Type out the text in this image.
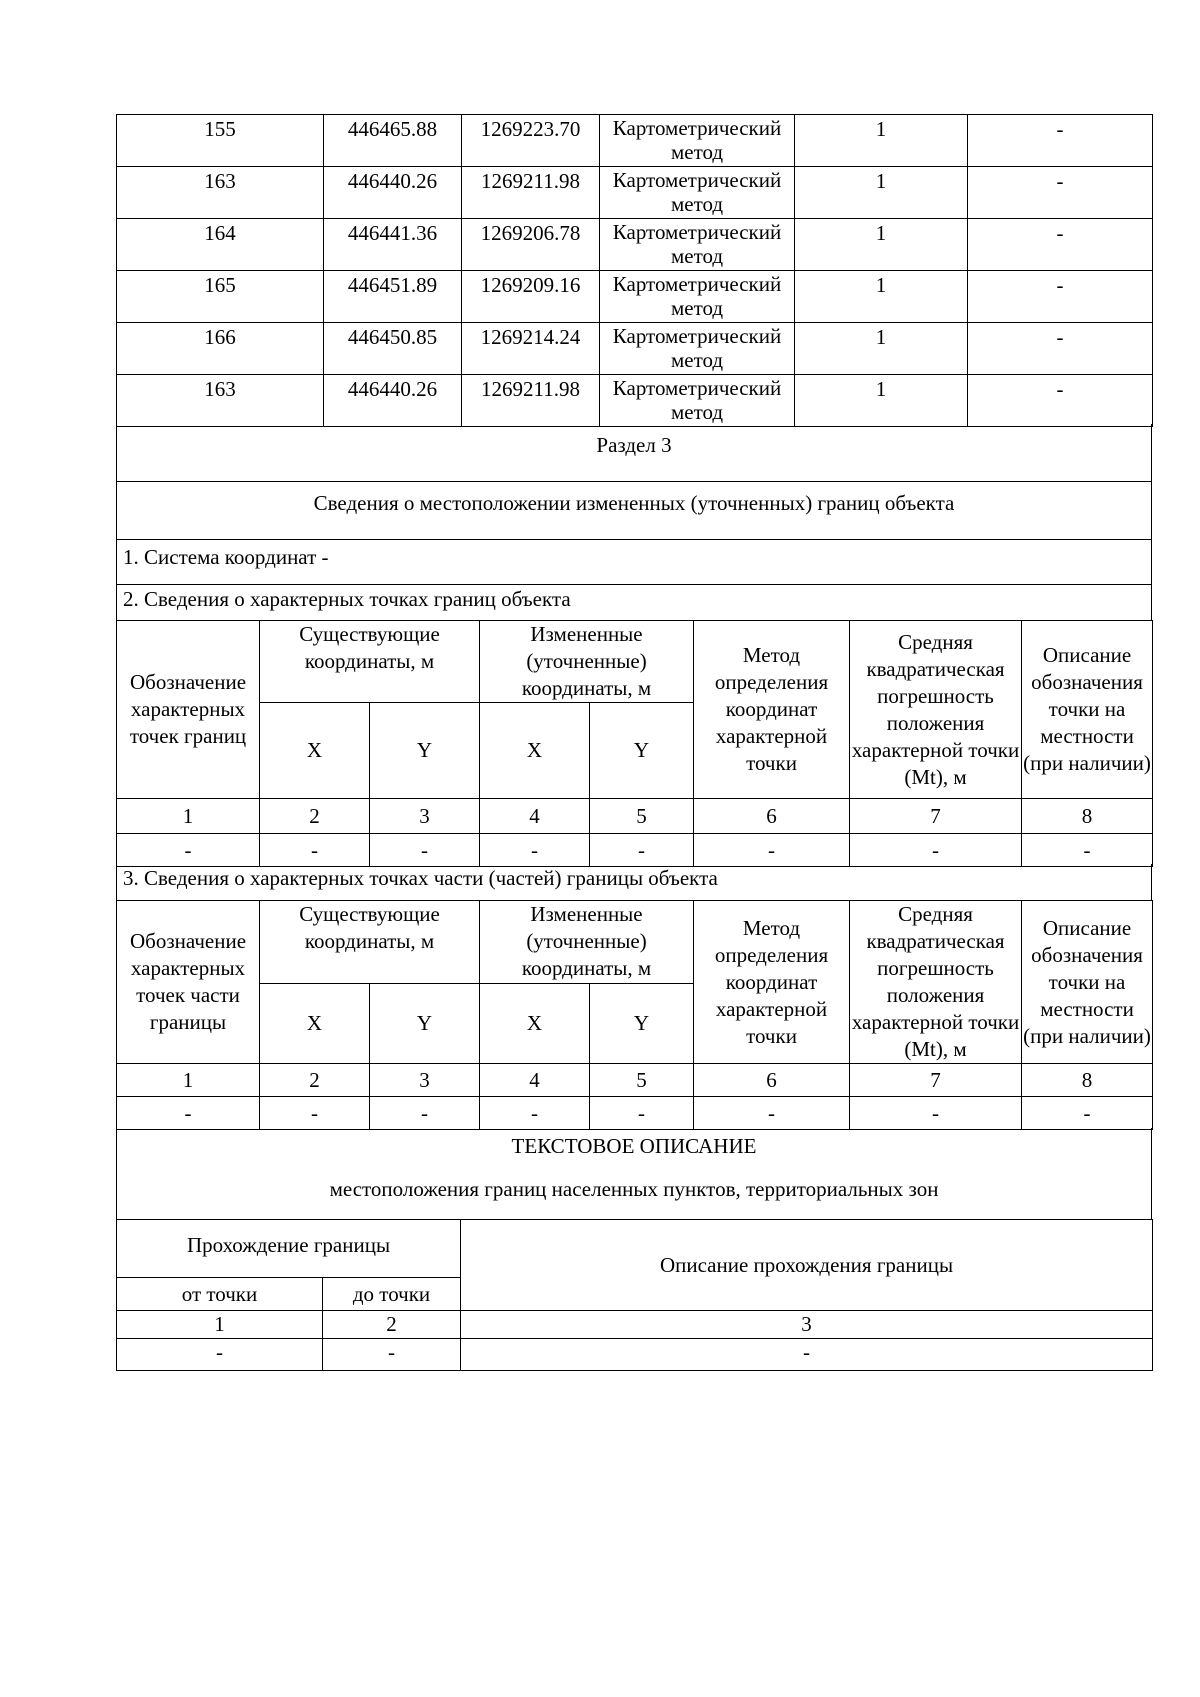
155	446465.88	1269223.70	Картометрический метод	1	-
163	446440.26	1269211.98	Картометрический метод	1	-
164	446441.36	1269206.78	Картометрический метод	1	-
165	446451.89	1269209.16	Картометрический метод	1	-
166	446450.85	1269214.24	Картометрический метод	1	-
163	446440.26	1269211.98	Картометрический метод	1	-
Раздел 3
Сведения о местоположении измененных (уточненных) границ объекта
1. Система координат -
2. Сведения о характерных точках границ объекта
Обозначение характерных точек границ	Существующие координаты, м		Измененные (уточненные) координаты, м		Метод определения координат характерной точки	Средняя квадратическая погрешность положения характерной точки (Mt), м	Описание обозначения точки на местности (при наличии)
	X	Y	X	Y			
1	2	3	4	5	6	7	8
-	-	-	-	-	-	-	-
3. Сведения о характерных точках части (частей) границы объекта
Обозначение характерных точек части границы	Существующие координаты, м		Измененные (уточненные) координаты, м		Метод определения координат характерной точки	Средняя квадратическая погрешность положения характерной точки (Mt), м	Описание обозначения точки на местности (при наличии)
	X	Y	X	Y			
1	2	3	4	5	6	7	8
-	-	-	-	-	-	-	-
ТЕКСТОВОЕ ОПИСАНИЕ
местоположения границ населенных пунктов, территориальных зон
Прохождение границы		Описание прохождения границы
от точки	до точки	
1	2	3
-	-	-
